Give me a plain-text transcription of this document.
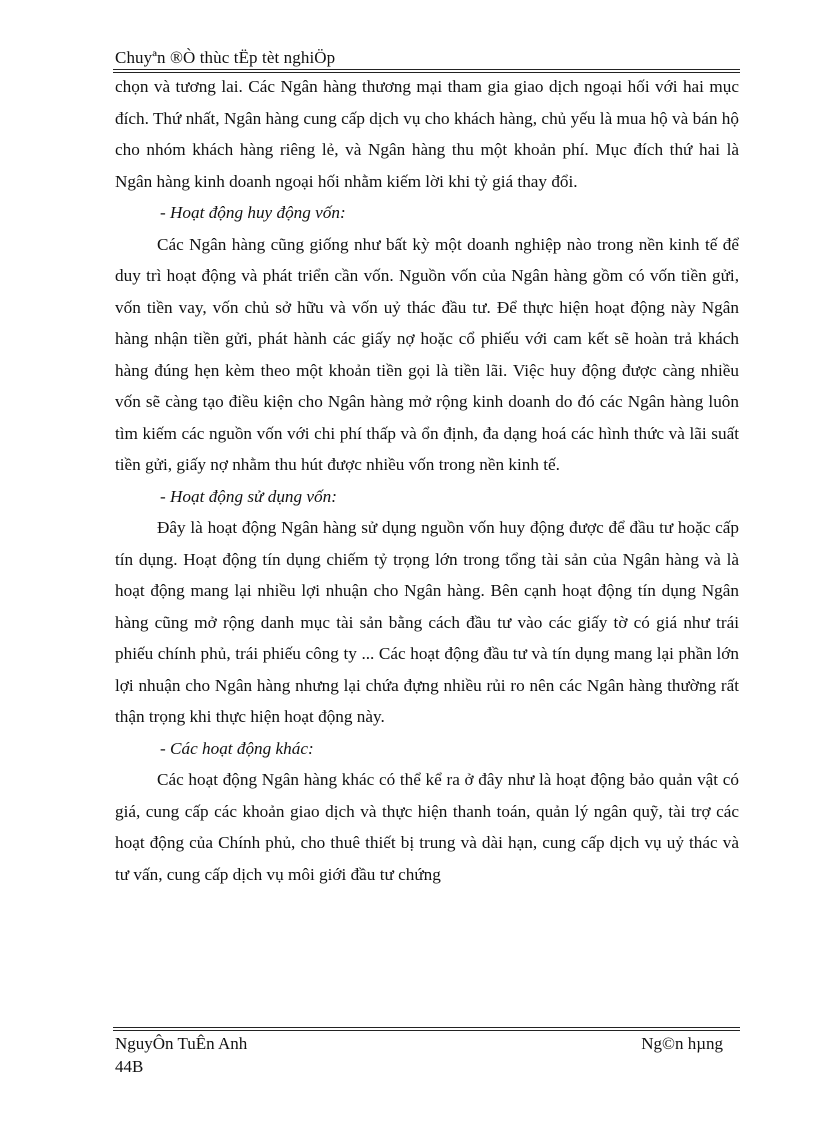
Chuyªn ®Ò thùc tËp tèt nghiÖp

chọn và tương lai. Các Ngân hàng thương mại tham gia giao dịch ngoại hối với hai mục đích. Thứ nhất, Ngân hàng cung cấp dịch vụ cho khách hàng, chủ yếu là mua hộ và bán hộ cho nhóm khách hàng riêng lẻ, và Ngân hàng thu một khoản phí. Mục đích thứ hai là Ngân hàng kinh doanh ngoại hối nhằm kiếm lời khi tỷ giá thay đổi.

- Hoạt động huy động vốn:

Các Ngân hàng cũng giống như bất kỳ một doanh nghiệp nào trong nền kinh tế để duy trì hoạt động và phát triển cần vốn. Nguồn vốn của Ngân hàng gồm có vốn tiền gửi, vốn tiền vay, vốn chủ sở hữu và vốn uỷ thác đầu tư. Để thực hiện hoạt động này Ngân hàng nhận tiền gửi, phát hành các giấy nợ hoặc cổ phiếu với cam kết sẽ hoàn trả khách hàng đúng hẹn kèm theo một khoản tiền gọi là tiền lãi. Việc huy động được càng nhiều vốn sẽ càng tạo điều kiện cho Ngân hàng mở rộng kinh doanh do đó các Ngân hàng luôn tìm kiếm các nguồn vốn với chi phí thấp và ổn định, đa dạng hoá các hình thức và lãi suất tiền gửi, giấy nợ nhằm thu hút được nhiều vốn trong nền kinh tế.

- Hoạt động sử dụng vốn:

Đây là hoạt động Ngân hàng sử dụng nguồn vốn huy động được để đầu tư hoặc cấp tín dụng. Hoạt động tín dụng chiếm tỷ trọng lớn trong tổng tài sản của Ngân hàng và là hoạt động mang lại nhiều lợi nhuận cho Ngân hàng. Bên cạnh hoạt động tín dụng Ngân hàng cũng mở rộng danh mục tài sản bằng cách đầu tư vào các giấy tờ có giá như trái phiếu chính phủ, trái phiếu công ty ... Các hoạt động đầu tư và tín dụng mang lại phần lớn lợi nhuận cho Ngân hàng nhưng lại chứa đựng nhiều rủi ro nên các Ngân hàng thường rất thận trọng khi thực hiện hoạt động này.

- Các hoạt động khác:

Các hoạt động Ngân hàng khác có thể kể ra ở đây như là hoạt động bảo quản vật có giá, cung cấp các khoản giao dịch và thực hiện thanh toán, quản lý ngân quỹ, tài trợ các hoạt động của Chính phủ, cho thuê thiết bị trung và dài hạn, cung cấp dịch vụ uỷ thác và tư vấn, cung cấp dịch vụ môi giới đầu tư chứng

NguyÔn TuÊn Anh
44B
Ng©n hµng
